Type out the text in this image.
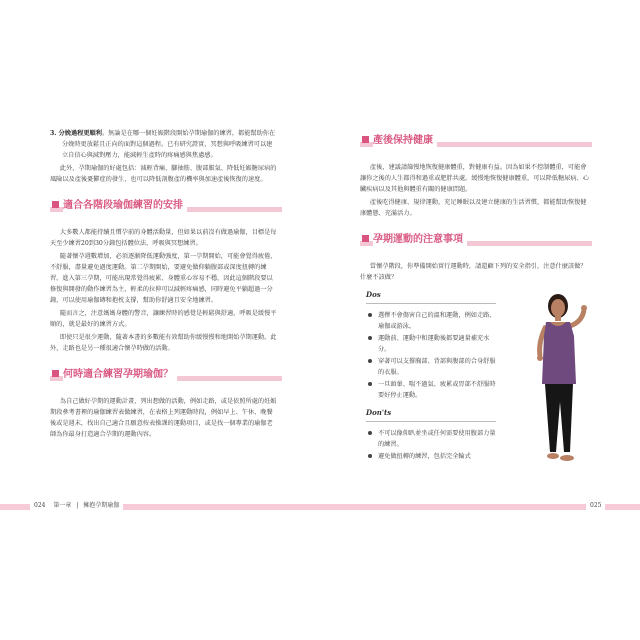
3. 分娩過程更順利。無論是在哪一個妊娠階段開始孕期瑜伽的練習，都能幫助你在分娩時更放鬆且正向的面對這個過程。已有研究證實，冥想與呼吸練習可以建立自信心與減對壓力，能減輕生產時的疼痛感與焦慮感。

此外，孕期瑜伽的好處包括：減輕背痛、腳抽筋、腹部脹氣、降低妊娠糖尿病的風險以及產後憂鬱症的發生，也可以降低剖腹產的機率與加速產後恢復的速度。

適合各階段瑜伽練習的安排

大多數人都能持續且慣孕前的身體活動量，但如果以前沒有做過瑜伽，目標是每天至少練習20到30分鐘包括體位法、呼吸與冥想練習。

隨著懷孕週數增加，必須逐漸降低運動強度，第一孕期開始，可能會覺得疲倦、不舒服，盡量避免過度運動。第二孕期開始，要避免做仰躺腹部或深度扭轉的練習。進入第三孕期，可能出現常覺得疲累、身體重心容易不穩，因此這個階段要以修復與開發的動作練習為主，輕柔的拉伸可以減輕疼痛感，同時避免平躺超過一分鐘，可以使用瑜伽磚和抱枕支撐，幫助你舒適且安全地練習。

隨而言之，注意媽媽身體的警音，讓練習時的感覺是輕鬆與舒適，呼吸是緩慢平順的，就是最好的練習方式。

即使只是很少運動，隨著本書的多數能有效幫助你緩慢慢和地開始孕期運動。此外，走路也是另一種很適合懷孕時做的活動。

何時適合練習孕期瑜伽？

為自己做好孕期的運動計畫，列出想做的活動，例如走路，或是依照所處的妊娠期段參考書裡的瑜伽練習表做練習，在表格上列運動時段，例如早上、午休、晚餐後或是週末，找出自己適合且願意按表操課的運動項目，或是找一個專業的瑜伽老師為你最身打造適合孕期的運動內容。

024 第一章 | 擁抱孕期瑜伽
產後保持健康

產後，建議請篩慢地恢復健康體重，對健康有益。因為如果不控制體重，可能會讓你之後的人生都得和過重或肥胖共處。緩慢地恢復健康體重，可以降低糖尿病、心臟疾病以及其他與體重有關的健康問題。

產後吃得健康、規律運動，充足睡眠以及建立健康的生活習慣，都能幫助恢復健康體態、充滿活力。

孕期運動的注意事項

當懷孕階段，你準備開始實行運動時，請還顧下列的安全指引，注意什麼該做？什麼不該做？

Dos
選擇不會傷害自己的溫和運動，例如走路、瑜伽或游泳。
運動前、運動中和運動後都要適量補充水分。
穿著可以支撐胸部、背部與腹部的合身舒服的衣服。
一旦頭暈、喘不過氣、疲累或胃部不舒服時要好停止運動。
Don'ts
不可以像仰趴並坐或任何需要使用腹部力量的練習。
避免做扭轉的練習，包括完全輪式
025
